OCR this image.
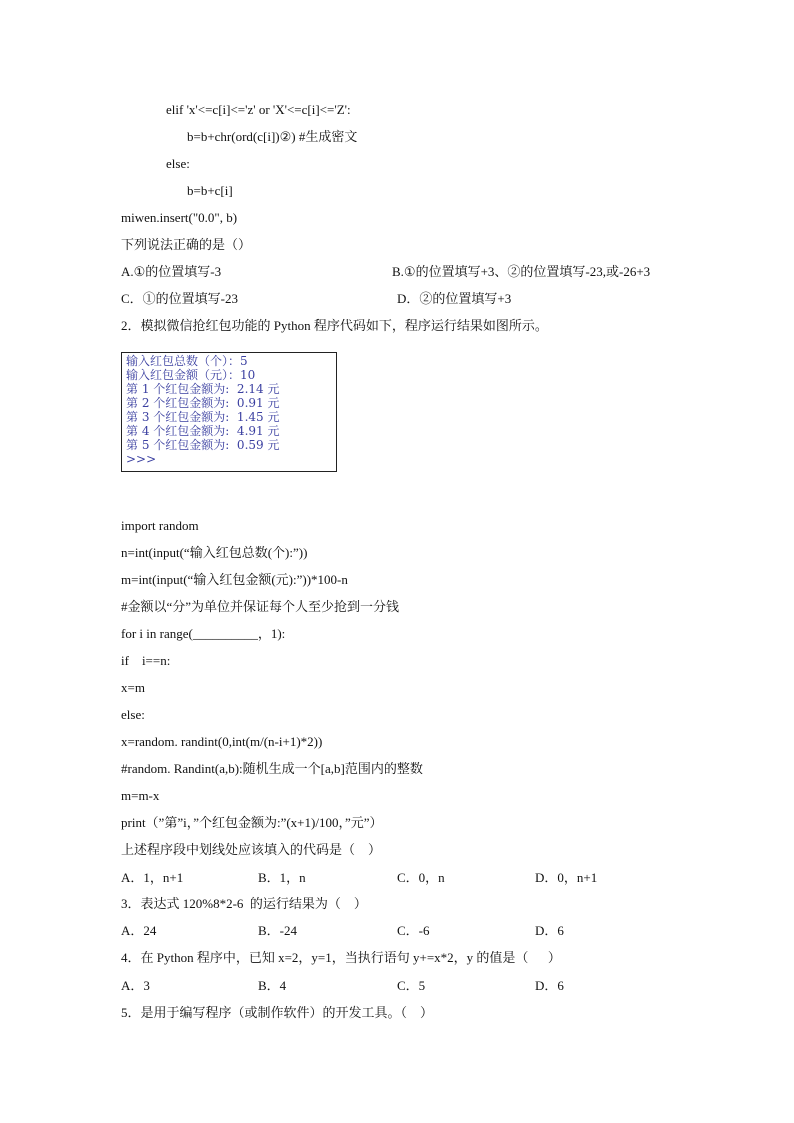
elif 'x'<=c[i]<='z' or 'X'<=c[i]<='Z':
b=b+chr(ord(c[i])②) #生成密文
else:
b=b+c[i]
miwen.insert("0.0", b)
下列说法正确的是（）
A.①的位置填写-3	B.①的位置填写+3、②的位置填写-23,或-26+3
C．①的位置填写-23	D．②的位置填写+3
2．模拟微信抢红包功能的 Python 程序代码如下，程序运行结果如图所示。
输入红包总数（个）：5
输入红包金额（元）：10
第 1 个红包金额为:  2.14 元
第 2 个红包金额为:  0.91 元
第 3 个红包金额为:  1.45 元
第 4 个红包金额为:  4.91 元
第 5 个红包金额为:  0.59 元
>>>
import random
n=int(input(“输入红包总数(个):”))
m=int(input(“输入红包金额(元):”))*100-n
#金额以“分”为单位并保证每个人至少抢到一分钱
for i in range(__________，1):
if    i==n:
x=m
else:
x=random. randint(0,int(m/(n-i+1)*2))
#random. Randint(a,b):随机生成一个[a,b]范围内的整数
m=m-x
print（”第”i，”个红包金额为:”(x+1)/100，”元”）
上述程序段中划线处应该填入的代码是（    ）
A．1，n+1	B．1，n	C．0，n	D．0，n+1
3．表达式 120%8*2-6  的运行结果为（    ）
A．24	B．-24	C．-6	D．6
4．在 Python 程序中，已知 x=2，y=1，当执行语句 y+=x*2，y 的值是（      ）
A．3	B．4	C．5	D．6
5．是用于编写程序（或制作软件）的开发工具。（    ）
